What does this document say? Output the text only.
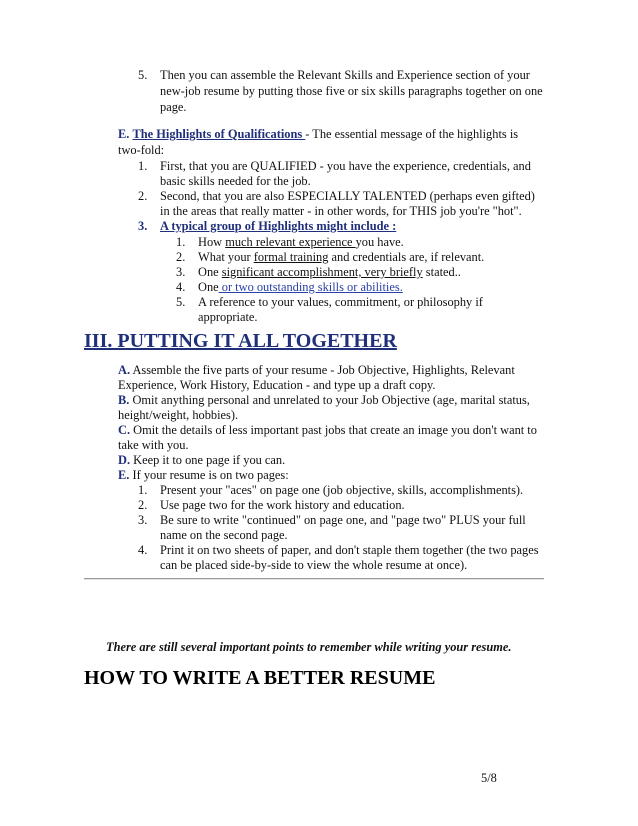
5. Then you can assemble the Relevant Skills and Experience section of your
new-job resume by putting those five or six skills paragraphs together on one
page.
E. The Highlights of Qualifications - The essential message of the highlights is
two-fold:
1. First, that you are QUALIFIED - you have the experience, credentials, and
basic skills needed for the job.
2. Second, that you are also ESPECIALLY TALENTED (perhaps even gifted)
in the areas that really matter - in other words, for THIS job you're "hot".
3. A typical group of Highlights might include :
1. How much relevant experience you have.
2. What your formal training and credentials are, if relevant.
3. One significant accomplishment, very briefly stated..
4. One or two outstanding skills or abilities.
5. A reference to your values, commitment, or philosophy if
appropriate.
III. PUTTING IT ALL TOGETHER
A. Assemble the five parts of your resume - Job Objective, Highlights, Relevant
Experience, Work History, Education - and type up a draft copy.
B. Omit anything personal and unrelated to your Job Objective (age, marital status,
height/weight, hobbies).
C. Omit the details of less important past jobs that create an image you don't want to
take with you.
D. Keep it to one page if you can.
E. If your resume is on two pages:
1. Present your "aces" on page one (job objective, skills, accomplishments).
2. Use page two for the work history and education.
3. Be sure to write "continued" on page one, and "page two" PLUS your full
name on the second page.
4. Print it on two sheets of paper, and don't staple them together (the two pages
can be placed side-by-side to view the whole resume at once).
There are still several important points to remember while writing your resume.
HOW TO WRITE A BETTER RESUME
5/8
